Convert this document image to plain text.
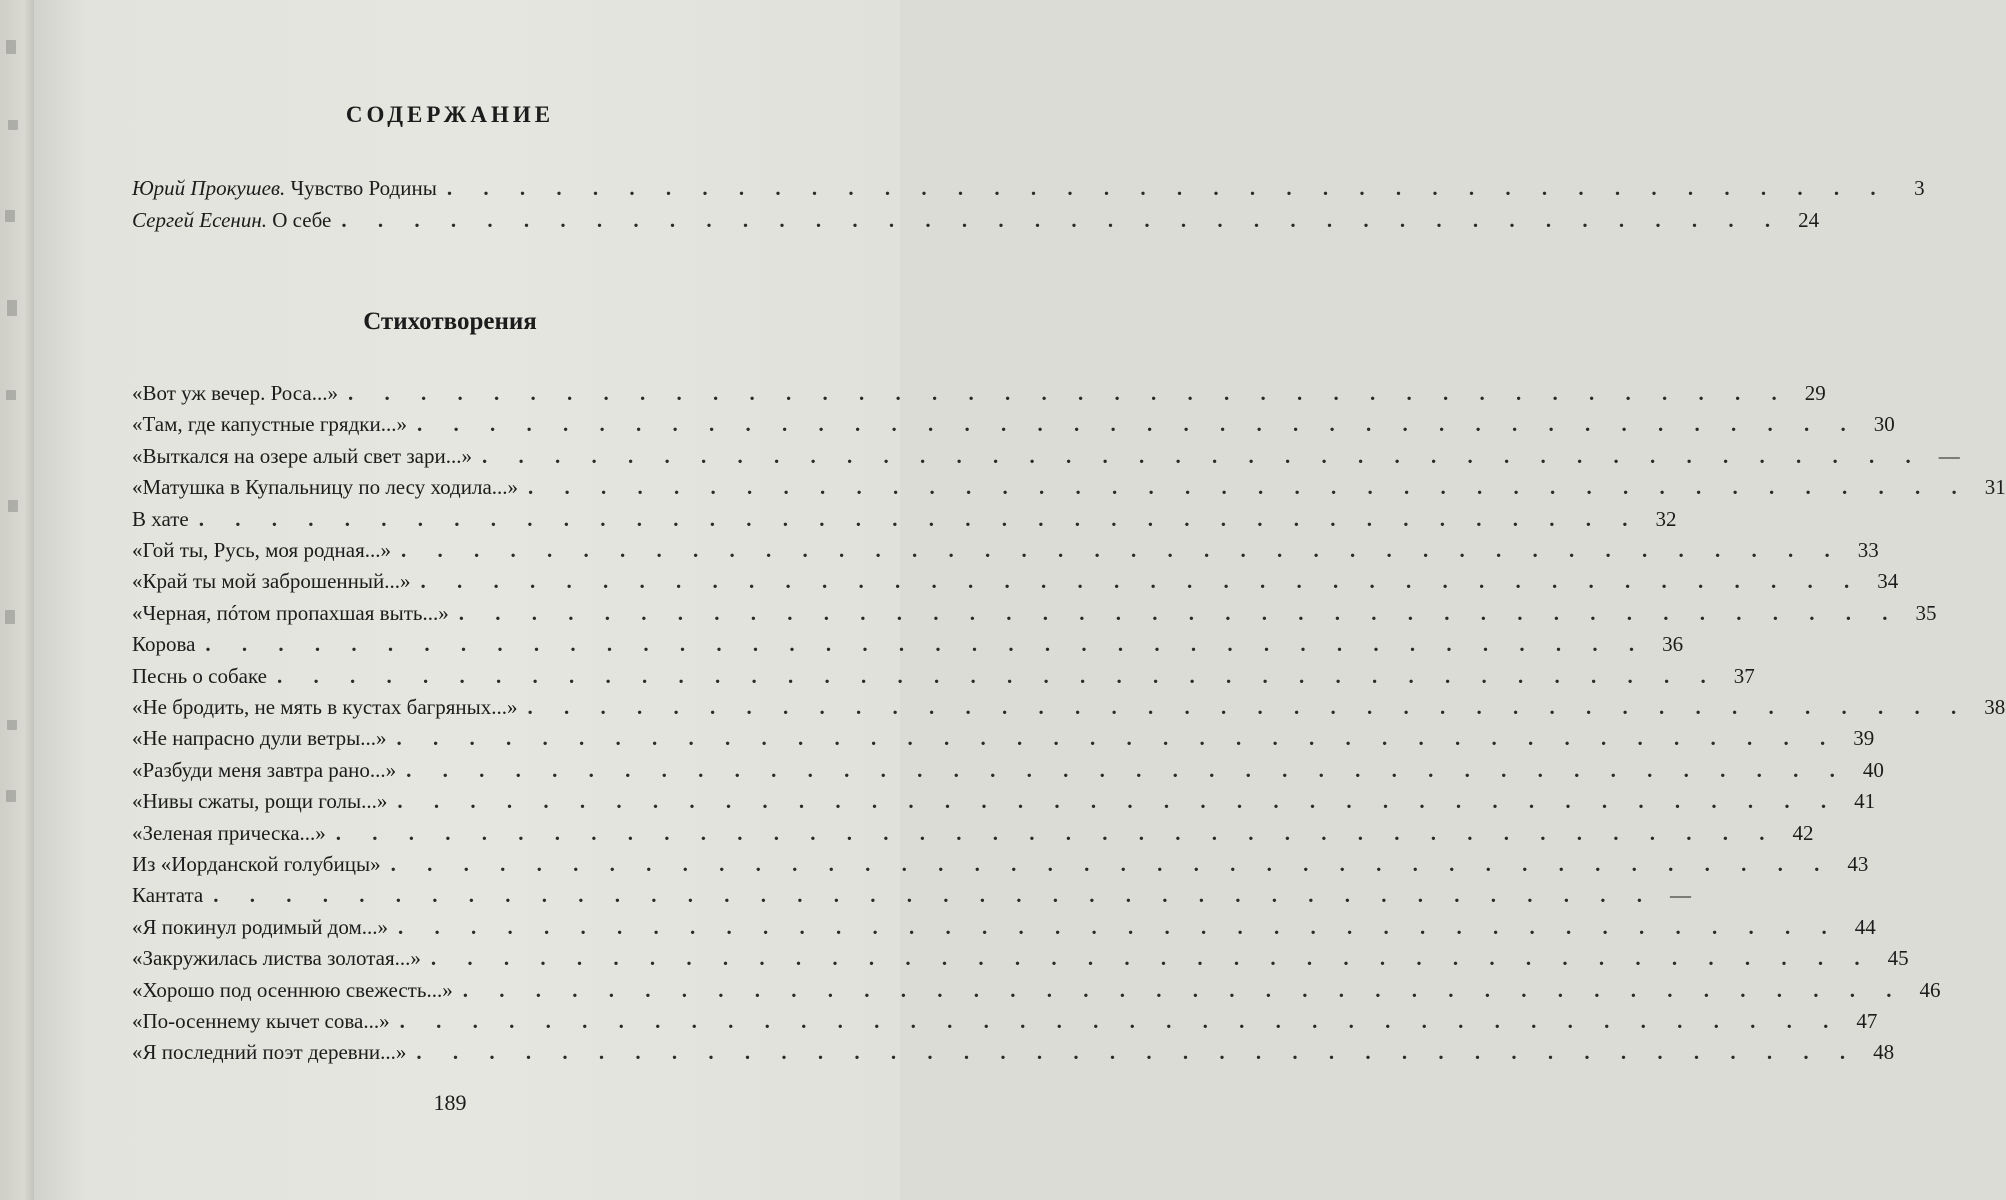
СОДЕРЖАНИЕ
Юрий Прокушев. Чувство Родины . . . . . . . . . . . . . . . . . . . . . . . . . . . . . . . . . . . . . . . .	3
Сергей Есенин. О себе . . . . . . . . . . . . . . . . . . . . . . . . . . . . . . . . . . . . . . . . 24
Стихотворения
«Вот уж вечер. Роса...» . . . . . . . . . . . . . . . . . . . . . . . . . . . . . . . . . . . . . . . . 29
«Там, где капустные грядки...» . . . . . . . . . . . . . . . . . . . . . . . . . . . . . . . . . . . . . . . . 30
«Выткался на озере алый свет зари...» . . . . . . . . . . . . . . . . . . . . . . . . . . . . . . . . . . . . . . . . —
«Матушка в Купальницу по лесу ходила...» . . . . . . . . . . . . . . . . . . . . . . . . . . . . . . . . . . . . . . . . 31
В хате . . . . . . . . . . . . . . . . . . . . . . . . . . . . . . . . . . . . . . . . 32
«Гой ты, Русь, моя родная...» . . . . . . . . . . . . . . . . . . . . . . . . . . . . . . . . . . . . . . . . 33
«Край ты мой заброшенный...» . . . . . . . . . . . . . . . . . . . . . . . . . . . . . . . . . . . . . . . . 34
«Черная, пóтом пропахшая выть...» . . . . . . . . . . . . . . . . . . . . . . . . . . . . . . . . . . . . . . . . 35
Корова . . . . . . . . . . . . . . . . . . . . . . . . . . . . . . . . . . . . . . . . 36
Песнь о собаке . . . . . . . . . . . . . . . . . . . . . . . . . . . . . . . . . . . . . . . . 37
«Не бродить, не мять в кустах багряных...» . . . . . . . . . . . . . . . . . . . . . . . . . . . . . . . . . . . . . . . . 38
«Не напрасно дули ветры...» . . . . . . . . . . . . . . . . . . . . . . . . . . . . . . . . . . . . . . . . 39
«Разбуди меня завтра рано...» . . . . . . . . . . . . . . . . . . . . . . . . . . . . . . . . . . . . . . . . 40
«Нивы сжаты, рощи голы...» . . . . . . . . . . . . . . . . . . . . . . . . . . . . . . . . . . . . . . . . 41
«Зеленая прическа...» . . . . . . . . . . . . . . . . . . . . . . . . . . . . . . . . . . . . . . . . 42
Из «Иорданской голубицы» . . . . . . . . . . . . . . . . . . . . . . . . . . . . . . . . . . . . . . . . 43
Кантата . . . . . . . . . . . . . . . . . . . . . . . . . . . . . . . . . . . . . . . . —
«Я покинул родимый дом...» . . . . . . . . . . . . . . . . . . . . . . . . . . . . . . . . . . . . . . . . 44
«Закружилась листва золотая...» . . . . . . . . . . . . . . . . . . . . . . . . . . . . . . . . . . . . . . . . 45
«Хорошо под осеннюю свежесть...» . . . . . . . . . . . . . . . . . . . . . . . . . . . . . . . . . . . . . . . . 46
«По-осеннему кычет сова...» . . . . . . . . . . . . . . . . . . . . . . . . . . . . . . . . . . . . . . . . 47
«Я последний поэт деревни...» . . . . . . . . . . . . . . . . . . . . . . . . . . . . . . . . . . . . . . . . 48
189
